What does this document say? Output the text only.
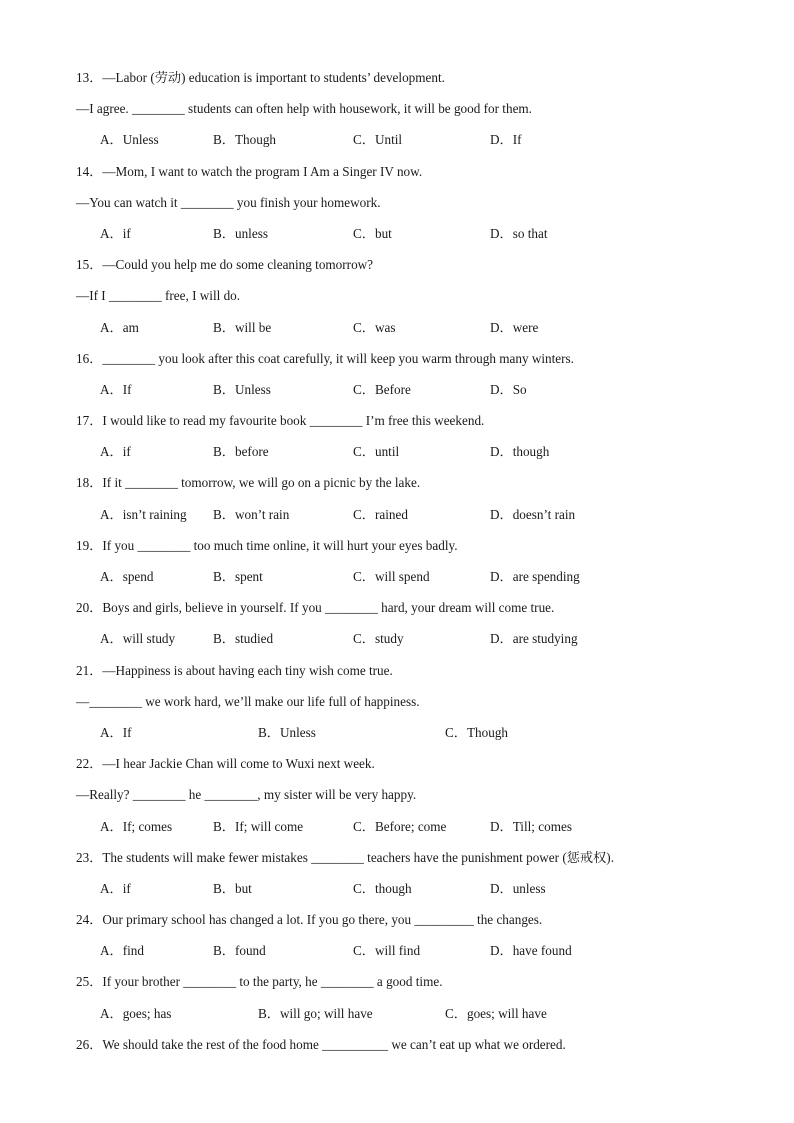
13．—Labor (劳动) education is important to students’ development.
—I agree. ________ students can often help with housework, it will be good for them.
A．Unless	B．Though	C．Until	D．If
14．—Mom, I want to watch the program I Am a Singer IV now.
—You can watch it ________ you finish your homework.
A．if	B．unless	C．but	D．so that
15．—Could you help me do some cleaning tomorrow?
—If I ________ free, I will do.
A．am	B．will be	C．was	D．were
16．________ you look after this coat carefully, it will keep you warm through many winters.
A．If	B．Unless	C．Before	D．So
17．I would like to read my favourite book ________ I’m free this weekend.
A．if	B．before	C．until	D．though
18．If it ________ tomorrow, we will go on a picnic by the lake.
A．isn’t raining B．won’t rain	C．rained	D．doesn’t rain
19．If you ________ too much time online, it will hurt your eyes badly.
A．spend	B．spent	C．will spend	D．are spending
20．Boys and girls, believe in yourself. If you ________ hard, your dream will come true.
A．will study	B．studied	C．study	D．are studying
21．—Happiness is about having each tiny wish come true.
—________ we work hard, we’ll make our life full of happiness.
A．If	B．Unless	C．Though
22．—I hear Jackie Chan will come to Wuxi next week.
—Really? ________ he ________, my sister will be very happy.
A．If; comes	B．If; will come	C．Before; come	D．Till; comes
23．The students will make fewer mistakes ________ teachers have the punishment power (惩戒权).
A．if	B．but	C．though	D．unless
24．Our primary school has changed a lot. If you go there, you _________ the changes.
A．find	B．found	C．will find	D．have found
25．If your brother ________ to the party, he ________ a good time.
A．goes; has	B．will go; will have	C．goes; will have
26．We should take the rest of the food home __________ we can’t eat up what we ordered.
